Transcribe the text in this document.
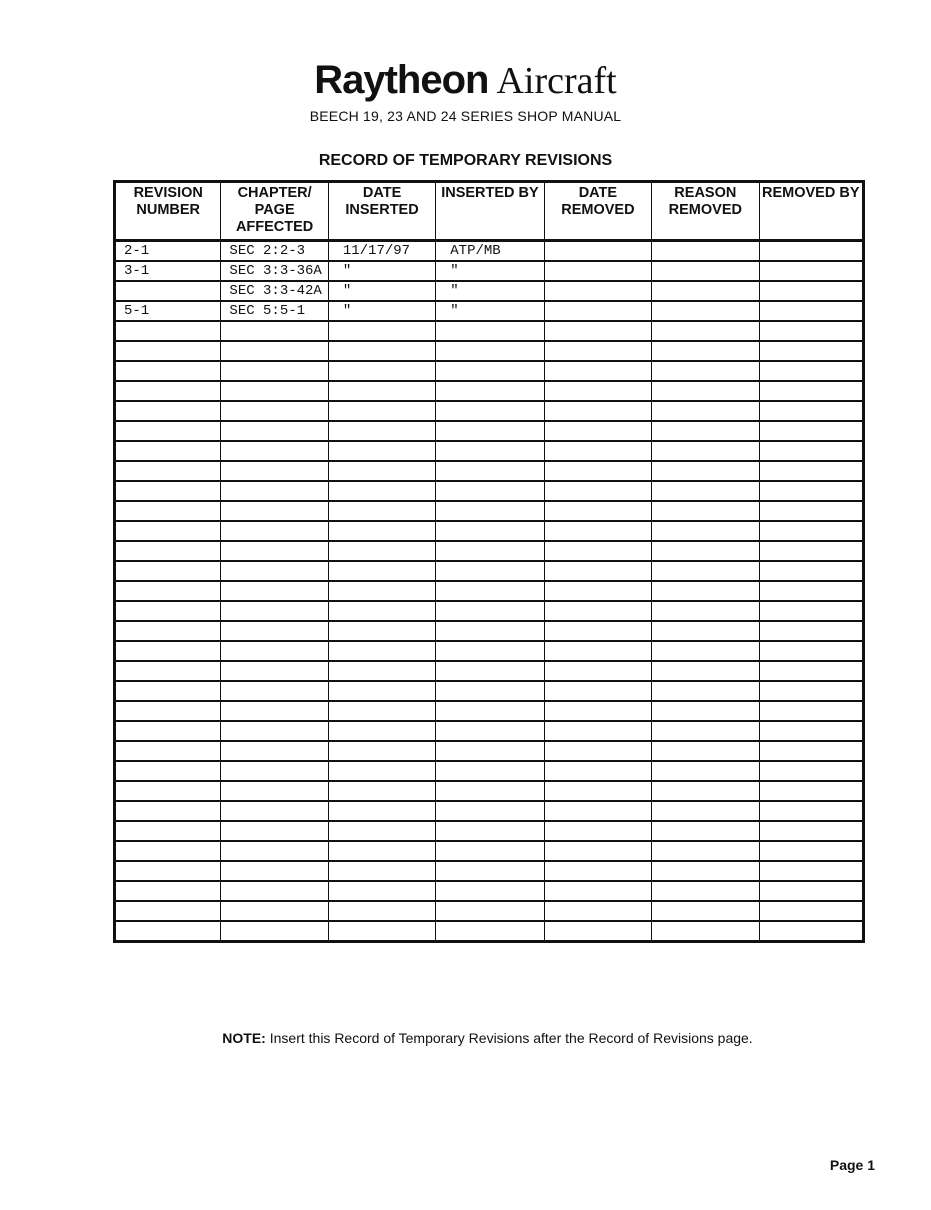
Raytheon Aircraft
BEECH 19, 23 AND 24 SERIES SHOP MANUAL
RECORD OF TEMPORARY REVISIONS
REVISION NUMBER	CHAPTER/ PAGE AFFECTED	DATE INSERTED	INSERTED BY	DATE REMOVED	REASON REMOVED	REMOVED BY
2-1	SEC 2:2-3	11/17/97	ATP/MB			
3-1	SEC 3:3-36A	"	"			
	SEC 3:3-42A	"	"			
5-1	SEC 5:5-1	"	"			

NOTE: Insert this Record of Temporary Revisions after the Record of Revisions page.
Page 1
